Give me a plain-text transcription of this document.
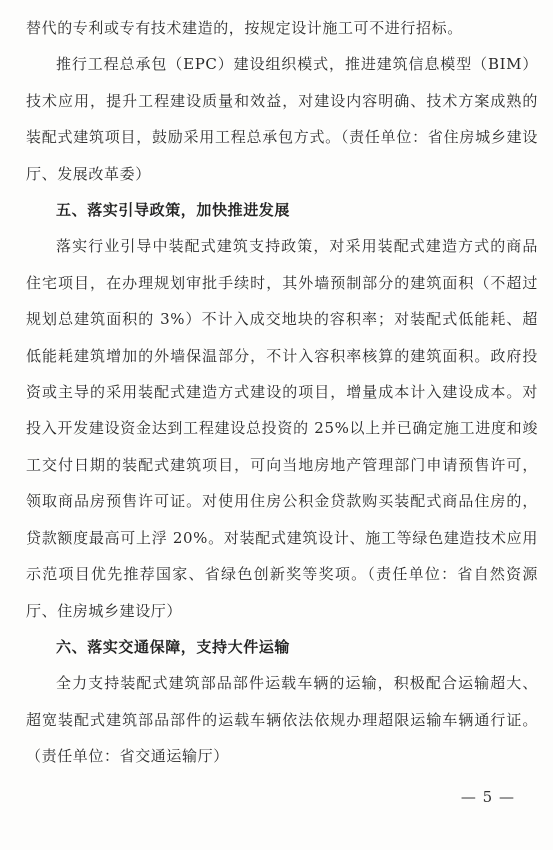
替代的专利或专有技术建造的，按规定设计施工可不进行招标。

推行工程总承包（EPC）建设组织模式，推进建筑信息模型（BIM）技术应用，提升工程建设质量和效益，对建设内容明确、技术方案成熟的装配式建筑项目，鼓励采用工程总承包方式。（责任单位：省住房城乡建设厅、发展改革委）

五、落实引导政策，加快推进发展

落实行业引导中装配式建筑支持政策，对采用装配式建造方式的商品住宅项目，在办理规划审批手续时，其外墙预制部分的建筑面积（不超过规划总建筑面积的 3%）不计入成交地块的容积率；对装配式低能耗、超低能耗建筑增加的外墙保温部分，不计入容积率核算的建筑面积。政府投资或主导的采用装配式建造方式建设的项目，增量成本计入建设成本。对投入开发建设资金达到工程建设总投资的 25%以上并已确定施工进度和竣工交付日期的装配式建筑项目，可向当地房地产管理部门申请预售许可，领取商品房预售许可证。对使用住房公积金贷款购买装配式商品住房的，贷款额度最高可上浮 20%。对装配式建筑设计、施工等绿色建造技术应用示范项目优先推荐国家、省绿色创新奖等奖项。（责任单位：省自然资源厅、住房城乡建设厅）

六、落实交通保障，支持大件运输

全力支持装配式建筑部品部件运载车辆的运输，积极配合运输超大、超宽装配式建筑部品部件的运载车辆依法依规办理超限运输车辆通行证。（责任单位：省交通运输厅）

— 5 —
